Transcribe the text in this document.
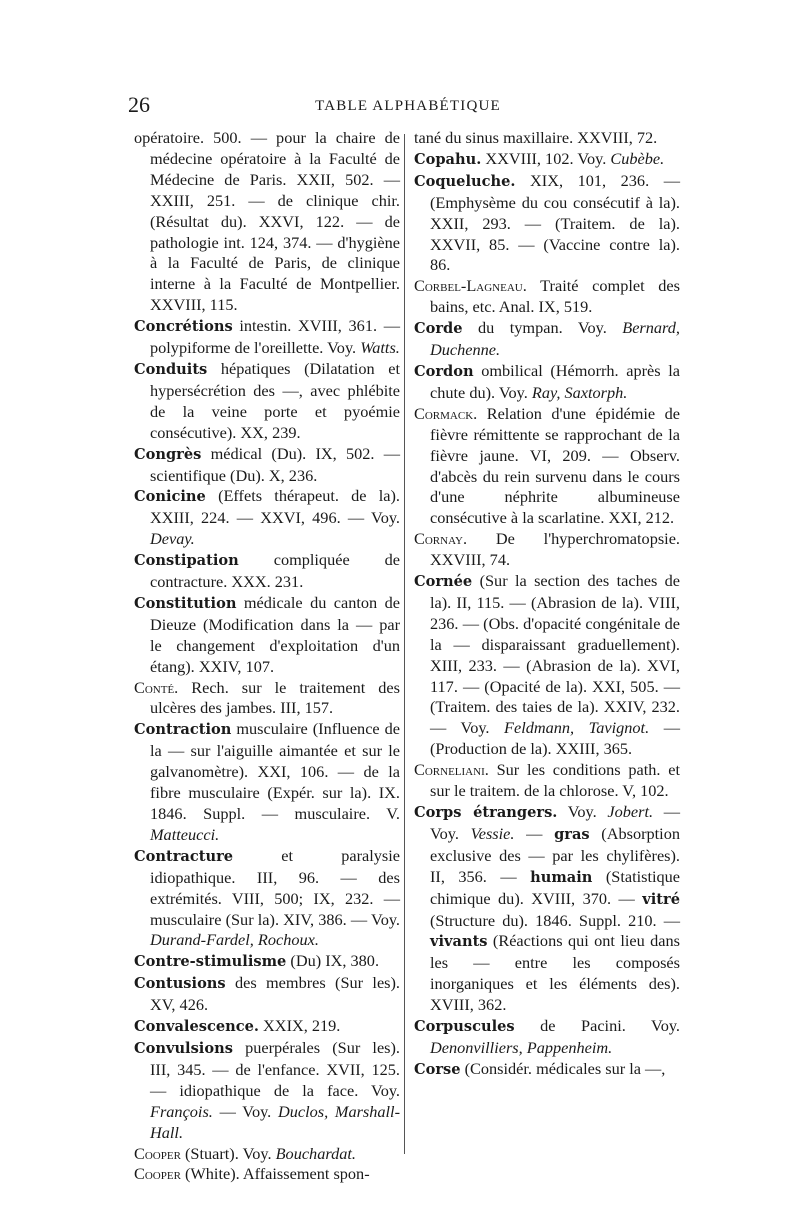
26	TABLE ALPHABÉTIQUE

opératoire. 500. — pour la chaire de médecine opératoire à la Faculté de Médecine de Paris. XXII, 502. — XXIII, 251. — de clinique chir. (Résultat du). XXVI, 122. — de pathologie int. 124, 374. — d'hygiène à la Faculté de Paris, de clinique interne à la Faculté de Montpellier. XXVIII, 115.

Concrétions intestin. XVIII, 361. — polypiforme de l'oreillette. Voy. Watts.

Conduits hépatiques (Dilatation et hypersécrétion des —, avec phlébite de la veine porte et pyoémie consécutive). XX, 239.

Congrès médical (Du). IX, 502. — scientifique (Du). X, 236.

Conicine (Effets thérapeut. de la). XXIII, 224. — XXVI, 496. — Voy. Devay.

Constipation compliquée de contracture. XXX. 231.

Constitution médicale du canton de Dieuze (Modification dans la — par le changement d'exploitation d'un étang). XXIV, 107.

Conté. Rech. sur le traitement des ulcères des jambes. III, 157.

Contraction musculaire (Influence de la — sur l'aiguille aimantée et sur le galvanomètre). XXI, 106. — de la fibre musculaire (Expér. sur la). IX. 1846. Suppl. — musculaire. V. Matteucci.

Contracture et paralysie idiopathique. III, 96. — des extrémités. VIII, 500; IX, 232. — musculaire (Sur la). XIV, 386. — Voy. Durand-Fardel, Rochoux.

Contre-stimulisme (Du) IX, 380.

Contusions des membres (Sur les). XV, 426.

Convalescence. XXIX, 219.

Convulsions puerpérales (Sur les). III, 345. — de l'enfance. XVII, 125. — idiopathique de la face. Voy. François. — Voy. Duclos, Marshall-Hall.

Cooper (Stuart). Voy. Bouchardat.

Cooper (White). Affaissement spon-

tané du sinus maxillaire. XXVIII, 72.

Copahu. XXVIII, 102. Voy. Cubèbe.

Coqueluche. XIX, 101, 236. — (Emphysème du cou consécutif à la). XXII, 293. — (Traitem. de la). XXVII, 85. — (Vaccine contre la). 86.

Corbel-Lagneau. Traité complet des bains, etc. Anal. IX, 519.

Corde du tympan. Voy. Bernard, Duchenne.

Cordon ombilical (Hémorrh. après la chute du). Voy. Ray, Saxtorph.

Cormack. Relation d'une épidémie de fièvre rémittente se rapprochant de la fièvre jaune. VI, 209. — Observ. d'abcès du rein survenu dans le cours d'une néphrite albumineuse consécutive à la scarlatine. XXI, 212.

Cornay. De l'hyperchromatopsie. XXVIII, 74.

Cornée (Sur la section des taches de la). II, 115. — (Abrasion de la). VIII, 236. — (Obs. d'opacité congénitale de la — disparaissant graduellement). XIII, 233. — (Abrasion de la). XVI, 117. — (Opacité de la). XXI, 505. — (Traitem. des taies de la). XXIV, 232. — Voy. Feldmann, Tavignot. — (Production de la). XXIII, 365.

Corneliani. Sur les conditions path. et sur le traitem. de la chlorose. V, 102.

Corps étrangers. Voy. Jobert. — Voy. Vessie. — gras (Absorption exclusive des — par les chylifères). II, 356. — humain (Statistique chimique du). XVIII, 370. — vitré (Structure du). 1846. Suppl. 210. — vivants (Réactions qui ont lieu dans les — entre les composés inorganiques et les éléments des). XVIII, 362.

Corpuscules de Pacini. Voy. Denonvilliers, Pappenheim.

Corse (Considér. médicales sur la —,
